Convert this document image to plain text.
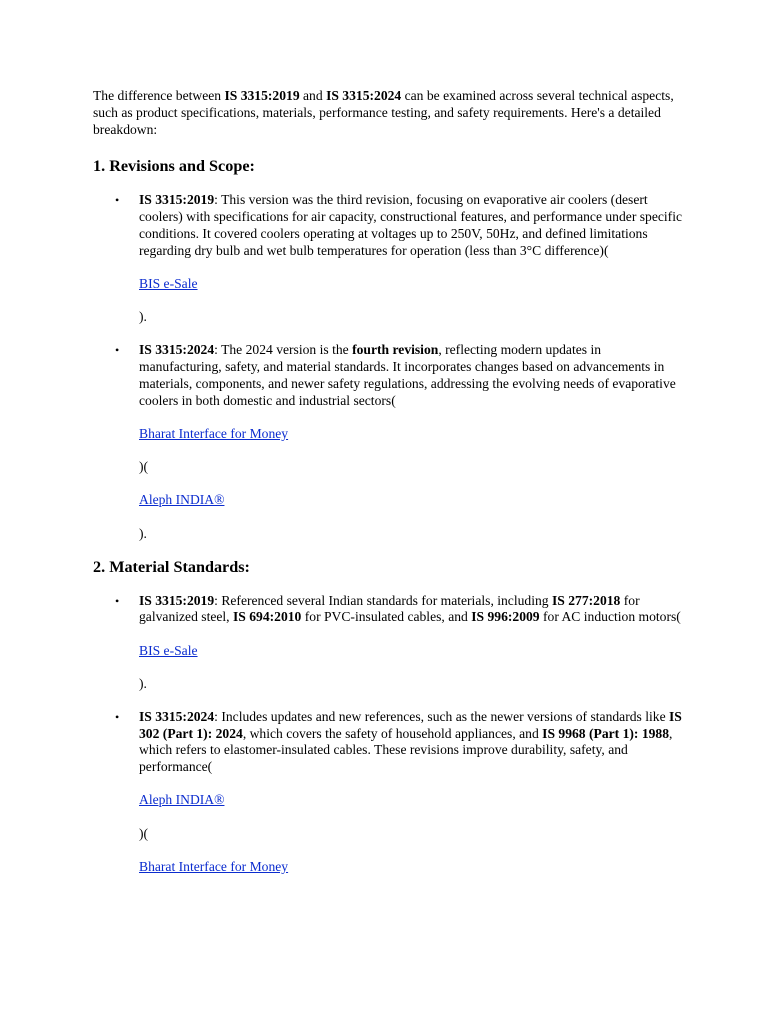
The difference between IS 3315:2019 and IS 3315:2024 can be examined across several technical aspects, such as product specifications, materials, performance testing, and safety requirements. Here's a detailed breakdown:

1. Revisions and Scope:
• IS 3315:2019: This version was the third revision, focusing on evaporative air coolers (desert coolers) with specifications for air capacity, constructional features, and performance under specific conditions. It covered coolers operating at voltages up to 250V, 50Hz, and defined limitations regarding dry bulb and wet bulb temperatures for operation (less than 3°C difference)(

BIS e-Sale

).

• IS 3315:2024: The 2024 version is the fourth revision, reflecting modern updates in manufacturing, safety, and material standards. It incorporates changes based on advancements in materials, components, and newer safety regulations, addressing the evolving needs of evaporative coolers in both domestic and industrial sectors(

Bharat Interface for Money

)(

Aleph INDIA®

).

2. Material Standards:
• IS 3315:2019: Referenced several Indian standards for materials, including IS 277:2018 for galvanized steel, IS 694:2010 for PVC-insulated cables, and IS 996:2009 for AC induction motors(

BIS e-Sale

).

• IS 3315:2024: Includes updates and new references, such as the newer versions of standards like IS 302 (Part 1): 2024, which covers the safety of household appliances, and IS 9968 (Part 1): 1988, which refers to elastomer-insulated cables. These revisions improve durability, safety, and performance(

Aleph INDIA®

)(

Bharat Interface for Money
